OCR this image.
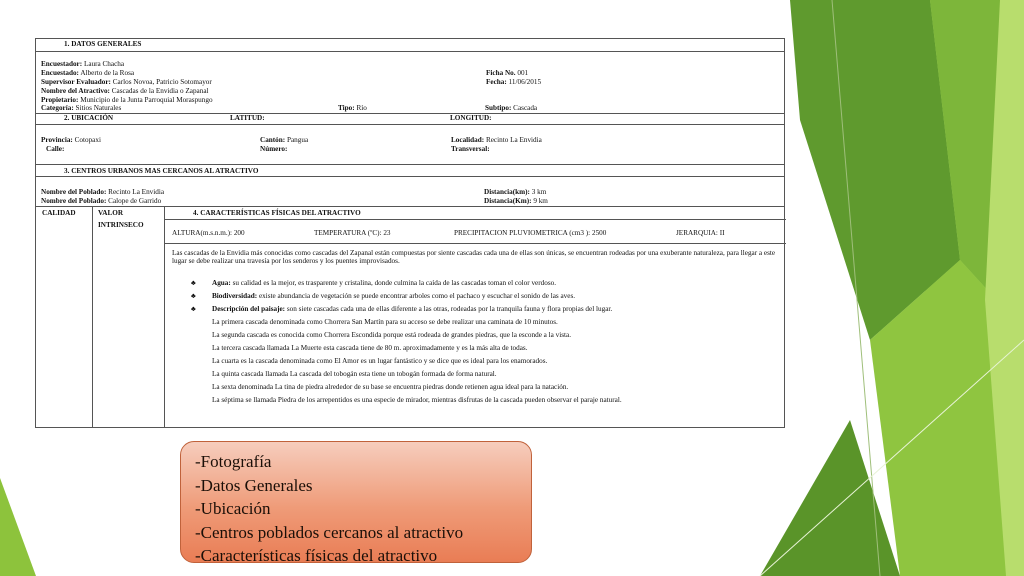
1. DATOS GENERALES
Encuestador: Laura Chacha
Encuestado: Alberto de la Rosa	Ficha No. 001
Supervisor Evaluador: Carlos Novoa, Patricio Sotomayor	Fecha: 11/06/2015
Nombre del Atractivo: Cascadas de la Envidia o Zapanal
Propietario: Municipio de la Junta Parroquial Moraspungo
Categoría: Sitios Naturales	Tipo: Río	Subtipo: Cascada
2. UBICACIÓN	LATITUD:	LONGITUD:
Provincia: Cotopaxi	Cantón: Pangua	Localidad: Recinto La Envidia
Calle:	Número:	Transversal:
3. CENTROS URBANOS MAS CERCANOS AL ATRACTIVO
Nombre del Poblado: Recinto La Envidia	Distancia(km): 3 km
Nombre del Poblado: Calope de Garrido	Distancia(Km): 9 km
CALIDAD	VALOR
INTRINSECO
4. CARACTERÍSTICAS FÍSICAS DEL ATRACTIVO
ALTURA(m.s.n.m.): 200	TEMPERATURA (ºC): 23	PRECIPITACION PLUVIOMETRICA (cm3 ): 2500	JERARQUIA: II
Las cascadas de la Envidia más conocidas como cascadas del Zapanal están compuestas por siente cascadas cada una de ellas son únicas, se encuentran rodeadas por una exuberante naturaleza, para llegar a este lugar se debe realizar una travesía por los senderos y los puentes improvisados.
♣ Agua: su calidad es la mejor, es trasparente y cristalina, donde culmina la caída de las cascadas toman el color verdoso.
♣ Biodiversidad: existe abundancia de vegetación se puede encontrar arboles como el pachaco y escuchar el sonido de las aves.
♣ Descripción del paisaje: son siete cascadas cada una de ellas diferente a las otras, rodeadas por la tranquila fauna y flora propias del lugar.
La primera cascada denominada como Chorrera San Martín para su acceso se debe realizar una caminata de 10 minutos.
La segunda cascada es conocida como Chorrera Escondida porque está rodeada de grandes piedras, que la esconde a la vista.
La tercera cascada llamada La Muerte esta cascada tiene de 80 m. aproximadamente y es la más alta de todas.
La cuarta es la cascada denominada como El Amor es un lugar fantástico y se dice que es ideal para los enamorados.
La quinta cascada llamada La cascada del tobogán esta tiene un tobogán formada de forma natural.
La sexta denominada La tina de piedra alrededor de su base se encuentra piedras donde retienen agua ideal para la natación.
La séptima se llamada Piedra de los arrepentidos es una especie de mirador, mientras disfrutas de la cascada pueden observar el paraje natural.
-Fotografía
-Datos Generales
-Ubicación
-Centros poblados cercanos al atractivo
-Características físicas del atractivo
